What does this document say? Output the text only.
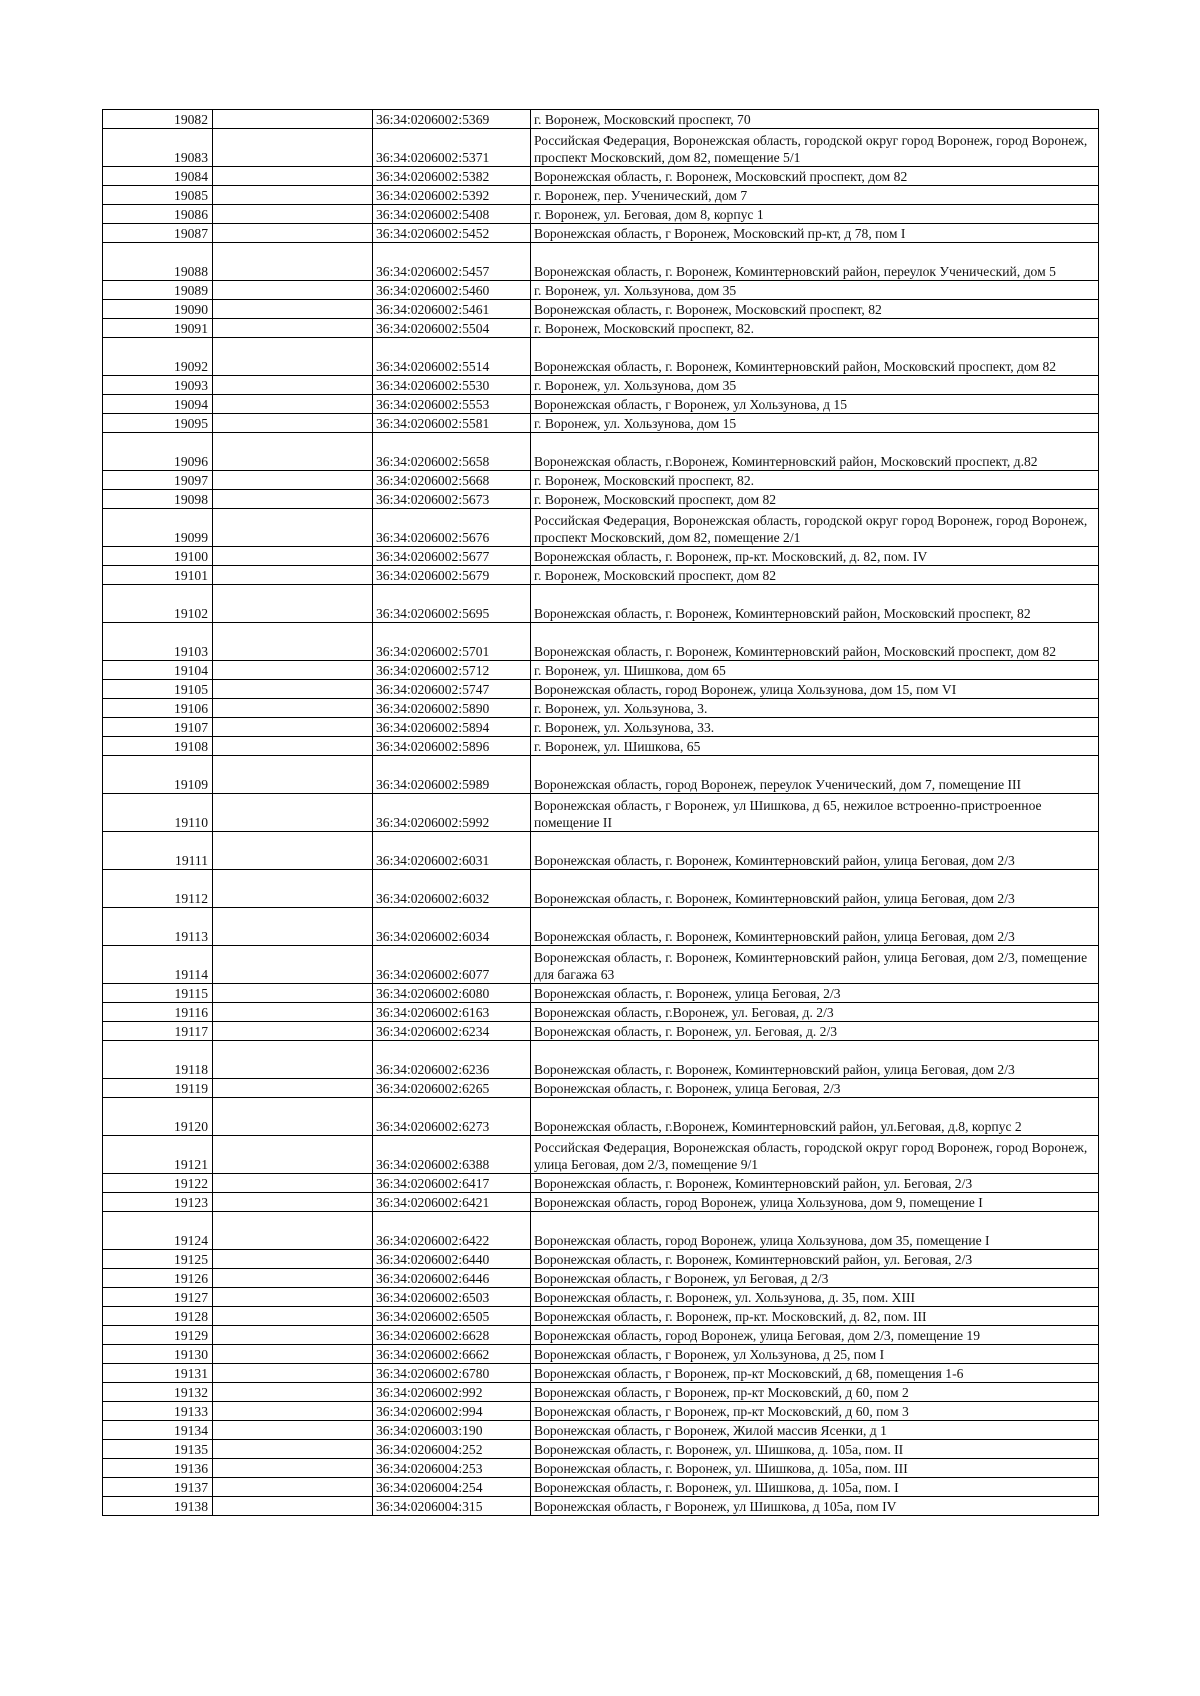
19082		36:34:0206002:5369	г. Воронеж, Московский проспект, 70
19083		36:34:0206002:5371	Российская Федерация, Воронежская область, городской округ город Воронеж, город Воронеж, проспект Московский, дом 82, помещение 5/1
19084		36:34:0206002:5382	Воронежская область, г. Воронеж, Московский проспект, дом 82
19085		36:34:0206002:5392	г. Воронеж, пер. Ученический, дом 7
19086		36:34:0206002:5408	г. Воронеж, ул. Беговая, дом 8, корпус 1
19087		36:34:0206002:5452	Воронежская область, г Воронеж, Московский пр-кт, д 78, пом I
19088		36:34:0206002:5457	Воронежская область, г. Воронеж, Коминтерновский район, переулок Ученический, дом 5
19089		36:34:0206002:5460	г. Воронеж, ул. Хользунова, дом 35
19090		36:34:0206002:5461	Воронежская область, г. Воронеж, Московский проспект, 82
19091		36:34:0206002:5504	г. Воронеж, Московский проспект, 82.
19092		36:34:0206002:5514	Воронежская область, г. Воронеж, Коминтерновский район, Московский проспект, дом 82
19093		36:34:0206002:5530	г. Воронеж, ул. Хользунова, дом 35
19094		36:34:0206002:5553	Воронежская область, г Воронеж, ул Хользунова, д 15
19095		36:34:0206002:5581	г. Воронеж, ул. Хользунова, дом 15
19096		36:34:0206002:5658	Воронежская область, г.Воронеж, Коминтерновский район, Московский проспект, д.82
19097		36:34:0206002:5668	г. Воронеж, Московский проспект, 82.
19098		36:34:0206002:5673	г. Воронеж, Московский проспект, дом 82
19099		36:34:0206002:5676	Российская Федерация, Воронежская область, городской округ город Воронеж, город Воронеж, проспект Московский, дом 82, помещение 2/1
19100		36:34:0206002:5677	Воронежская область, г. Воронеж, пр-кт. Московский, д. 82, пом. IV
19101		36:34:0206002:5679	г. Воронеж, Московский проспект, дом 82
19102		36:34:0206002:5695	Воронежская область, г. Воронеж, Коминтерновский район, Московский проспект, 82
19103		36:34:0206002:5701	Воронежская область, г. Воронеж, Коминтерновский район, Московский проспект, дом 82
19104		36:34:0206002:5712	г. Воронеж, ул. Шишкова, дом 65
19105		36:34:0206002:5747	Воронежская область, город Воронеж, улица Хользунова, дом 15, пом VI
19106		36:34:0206002:5890	г. Воронеж, ул. Хользунова, 3.
19107		36:34:0206002:5894	г. Воронеж, ул. Хользунова, 33.
19108		36:34:0206002:5896	г. Воронеж, ул. Шишкова, 65
19109		36:34:0206002:5989	Воронежская область, город Воронеж, переулок Ученический, дом 7, помещение III
19110		36:34:0206002:5992	Воронежская область, г Воронеж, ул Шишкова, д 65, нежилое встроенно-пристроенное помещение II
19111		36:34:0206002:6031	Воронежская область, г. Воронеж, Коминтерновский район, улица Беговая, дом 2/3
19112		36:34:0206002:6032	Воронежская область, г. Воронеж, Коминтерновский район, улица Беговая, дом 2/3
19113		36:34:0206002:6034	Воронежская область, г. Воронеж, Коминтерновский район, улица Беговая, дом 2/3
19114		36:34:0206002:6077	Воронежская область, г. Воронеж, Коминтерновский район, улица Беговая, дом 2/3, помещение для багажа 63
19115		36:34:0206002:6080	Воронежская область, г. Воронеж, улица Беговая, 2/3
19116		36:34:0206002:6163	Воронежская область, г.Воронеж, ул. Беговая, д. 2/3
19117		36:34:0206002:6234	Воронежская область, г. Воронеж, ул. Беговая, д. 2/3
19118		36:34:0206002:6236	Воронежская область, г. Воронеж, Коминтерновский район, улица Беговая, дом 2/3
19119		36:34:0206002:6265	Воронежская область, г. Воронеж, улица Беговая, 2/3
19120		36:34:0206002:6273	Воронежская область, г.Воронеж, Коминтерновский район, ул.Беговая, д.8, корпус 2
19121		36:34:0206002:6388	Российская Федерация, Воронежская область, городской округ город Воронеж, город Воронеж, улица Беговая, дом 2/3, помещение 9/1
19122		36:34:0206002:6417	Воронежская область, г. Воронеж, Коминтерновский район, ул. Беговая, 2/3
19123		36:34:0206002:6421	Воронежская область, город Воронеж, улица Хользунова, дом 9, помещение I
19124		36:34:0206002:6422	Воронежская область, город Воронеж, улица Хользунова, дом 35, помещение I
19125		36:34:0206002:6440	Воронежская область, г. Воронеж, Коминтерновский район, ул. Беговая, 2/3
19126		36:34:0206002:6446	Воронежская область, г Воронеж, ул Беговая, д 2/3
19127		36:34:0206002:6503	Воронежская область, г. Воронеж, ул. Хользунова, д. 35, пом. XIII
19128		36:34:0206002:6505	Воронежская область, г. Воронеж, пр-кт. Московский, д. 82, пом. III
19129		36:34:0206002:6628	Воронежская область, город Воронеж, улица Беговая, дом 2/3, помещение 19
19130		36:34:0206002:6662	Воронежская область, г Воронеж, ул Хользунова, д 25, пом I
19131		36:34:0206002:6780	Воронежская область, г Воронеж, пр-кт Московский, д 68, помещения 1-6
19132		36:34:0206002:992	Воронежская область, г Воронеж, пр-кт Московский, д 60, пом 2
19133		36:34:0206002:994	Воронежская область, г Воронеж, пр-кт Московский, д 60, пом 3
19134		36:34:0206003:190	Воронежская область, г Воронеж, Жилой массив Ясенки, д 1
19135		36:34:0206004:252	Воронежская область, г. Воронеж, ул. Шишкова, д. 105а, пом. II
19136		36:34:0206004:253	Воронежская область, г. Воронеж, ул. Шишкова, д. 105а, пом. III
19137		36:34:0206004:254	Воронежская область, г. Воронеж, ул. Шишкова, д. 105а, пом. I
19138		36:34:0206004:315	Воронежская область, г Воронеж, ул Шишкова, д 105а, пом IV
